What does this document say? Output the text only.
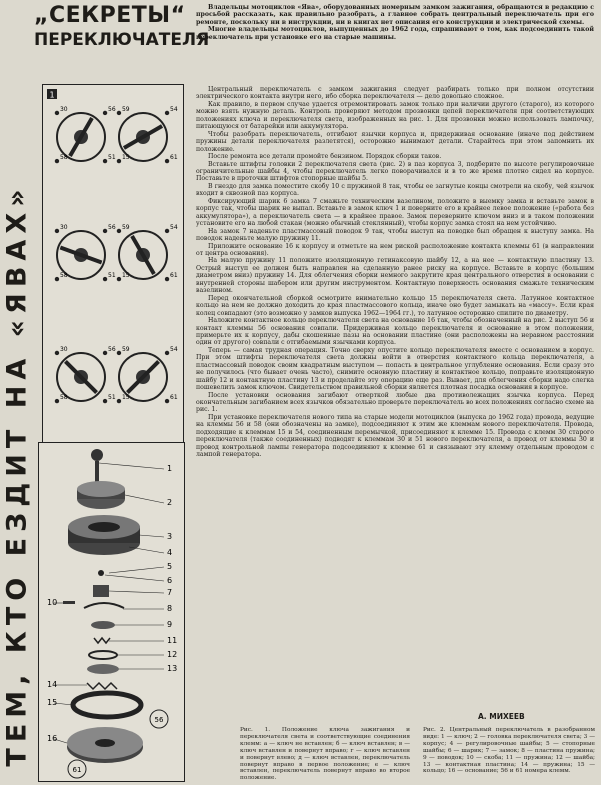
„СЕКРЕТЫ“
ПЕРЕКЛЮЧАТЕЛЯ
ТЕМ, КТО ЕЗДИТ НА «ЯВАХ»
1
56
51
58
30	54
61
15
59
56
51
58
30	54
61
15
59
56
51
58
30	54
61
15
59
56
61
1
2
3
4
5
6
7
8
9
10
11
12
13
14
15
16

Владельцы мотоциклов «Ява», оборудованных номерным замком зажигания, обращаются в редакцию с просьбой рассказать, как правильно разобрать, а главное собрать центральный переключатель при его ремонте, поскольку ни в инструкции, ни в книгах нет описания его конструкции и электрической схемы.

Многие владельцы мотоциклов, выпущенных до 1962 года, спрашивают о том, как подсоединить такой переключатель при установке его на старые машины.

Центральный переключатель с замком зажигания следует разбирать только при полном отсутствии электрического контакта внутри него, ибо сборка переключателя — дело довольно сложное.

Как правило, в первом случае удается отремонтировать замок только при наличии другого (старого), из которого можно взять нужную деталь. Контроль проверяют методом прозвонки цепей переключателя при соответствующих положениях ключа и переключателя света, изображенных на рис. 1. Для прозвонки можно использовать лампочку, питающуюся от батарейки или аккумулятора.

Чтобы разобрать переключатель, отгибают язычки корпуса и, придерживая основание (иначе под действием пружины детали переключателя разлетятся), осторожно вынимают детали. Старайтесь при этом запомнить их положение.

После ремонта все детали промойте бензином. Порядок сборки таков.

Вставьте штифты головки 2 переключателя света (рис. 2) в паз корпуса 3, подберите по высоте регулировочные ограничительные шайбы 4, чтобы переключатель легко поворачивался и в то же время плотно сидел на корпусе. Поставьте в проточки штифтов стопорные шайбы 5.

В гнездо для замка поместите скобу 10 с пружиной 8 так, чтобы ее загнутые концы смотрели на скобу, чей язычок входит в сквозной паз корпуса.

Фиксирующий шарик 6 замка 7 смажьте техническим вазелином, положите в выемку замка и вставьте замок в корпус так, чтобы шарик не выпал. Вставьте в замок ключ 1 и поверните его в крайнее левое положение («работа без аккумулятора»), а переключатель света — в крайнее правое. Замок переверните ключом вниз и в таком положении установите его на любой стакан (можно обычный стеклянный), чтобы корпус замка стоял на нем устойчиво.

На замок 7 наденьте пластмассовый поводок 9 так, чтобы выступ на поводке был обращен к выступу замка. На поводок наденьте малую пружину 11.

Приложите основание 16 к корпусу и отметьте на нем риской расположение контакта клеммы 61 (в направлении от центра основания).

На малую пружину 11 положите изоляционную гетинаксовую шайбу 12, а на нее — контактную пластину 13. Острый выступ ее должен быть направлен на сделанную ранее риску на корпусе. Вставьте в корпус (большим диаметром вниз) пружину 14. Для облегчения сборки немного закрутите края центрального отверстия в основании с внутренней стороны шабером или другим инструментом. Контактную поверхность основания смажьте техническим вазелином.

Перед окончательной сборкой осмотрите внимательно кольцо 15 переключателя света. Латунное контактное кольцо на нем не должно доходить до края пластмассового кольца, иначе оно будет замыкать на «массу». Если края колец совпадают (это возможно у замков выпуска 1962—1964 гг.), то латунное осторожно спилите по диаметру.

Наложите контактное кольцо переключателя света на основание 16 так, чтобы обозначенный на рис. 2 выступ 56 и контакт клеммы 56 основания совпали. Придерживая кольцо переключателя и основание в этом положении, примерьте их к корпусу, дабы скошенные пазы на основании пластине (они расположены на неравном расстоянии один от другого) совпали с отгибаемыми язычками корпуса.

Теперь — самая трудная операция. Точно сверху опустите кольцо переключателя вместе с основанием в корпус. При этом штифты переключателя света должны войти в отверстия контактного кольца переключателя, а пластмассовый поводок своим квадратным выступом — попасть в центральное углубление основания. Если сразу это не получилось (что бывает очень часто), снимите основную пластину и контактное кольцо, поправьте изоляционную шайбу 12 и контактную пластину 13 и проделайте эту операцию еще раз. Вывает, для облегчения сборки надо слегка пошевелить замок ключом. Свидетельством правильной сборки является плотная посадка основания в корпусе.

После установки основания загибают отверткой любые два противолежащих язычка корпуса. Перед окончательным загибанием всех язычков обязательно проверьте переключатель во всех положениях согласно схеме на рис. 1.

При установке переключателя нового типа на старые модели мотоциклов (выпуска до 1962 года) провода, ведущие на клеммы 56 и 58 (они обозначены на замке), подсоединяют к этим же клеммам нового переключателя. Провода, подходящие к клеммам 15 и 54, соединенным перемычкой, присоединяют к клемме 15. Провода с клемм 30 старого переключателя (также соединенных) подводят к клеммам 30 и 51 нового переключателя, а провод от клеммы 30 и провод контрольной лампы генератора подсоединяют к клемме 61 и связывают эту клемму отдельным проводом с лампой генератора.

А. МИХЕЕВ
Рис. 1. Положение ключа зажигания и переключателя света и соответствующие соединения клемм: а — ключ не вставлен; б — ключ вставлен; в — ключ вставлен и повернут вправо; г — ключ вставлен и повернут влево; д — ключ вставлен, переключатель повернут вправо в первое положение; е — ключ вставлен, переключатель повернут вправо во второе положение.
Рис. 2. Центральный переключатель в разобранном виде: 1 — ключ; 2 — головка переключателя света; 3 — корпус; 4 — регулировочные шайбы; 5 — стопорные шайбы; 6 — шарик; 7 — замок; 8 — пластина пружина; 9 — поводок; 10 — скоба; 11 — пружина; 12 — шайба; 13 — контактная пластина; 14 — пружина; 15 — кольцо; 16 — основание; 56 и 61 номера клемм.
